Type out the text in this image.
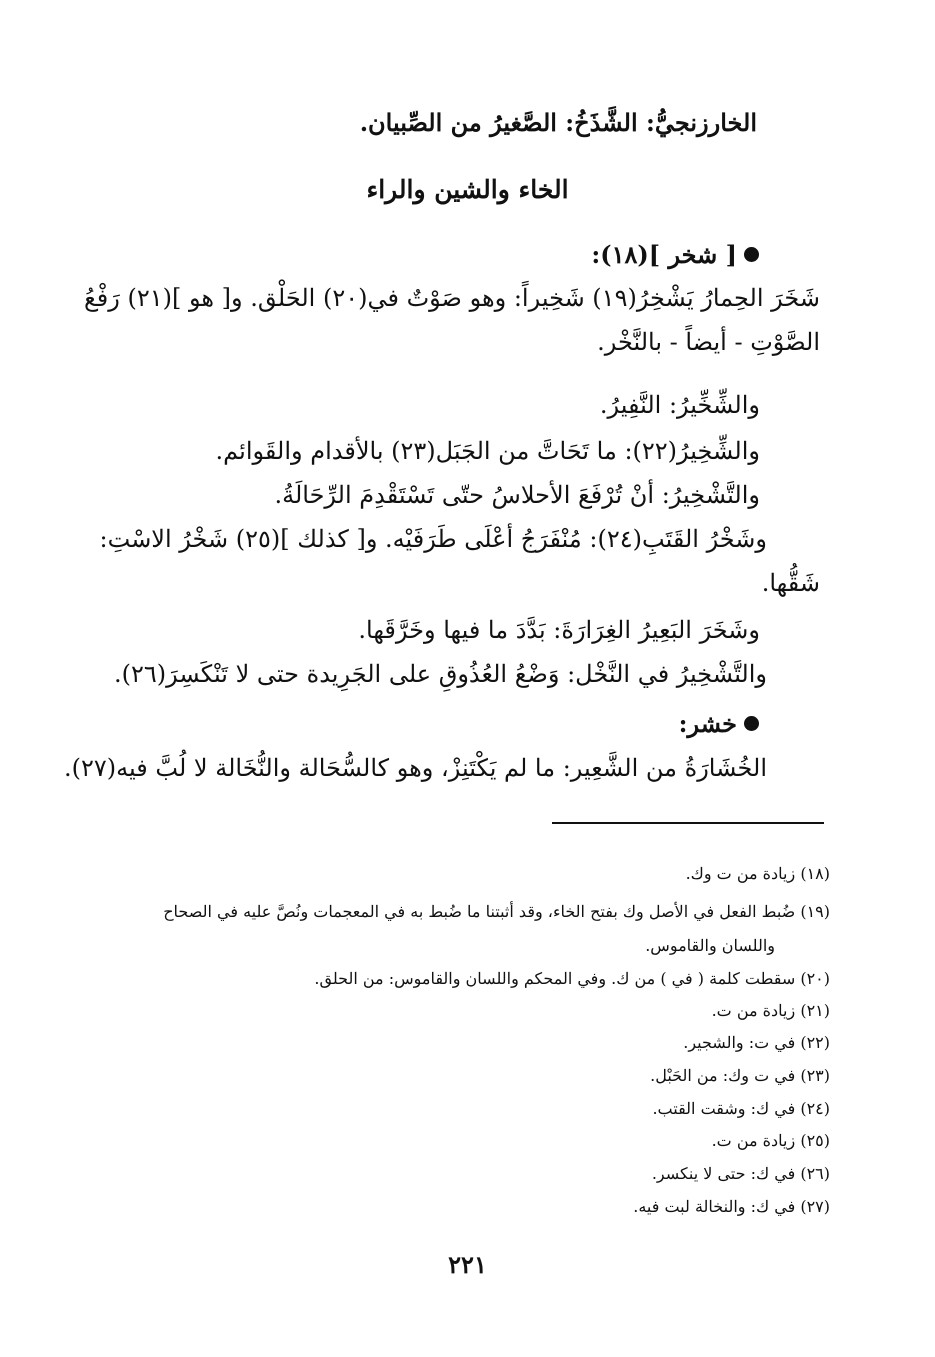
الخارزنجيُّ: الشَّذَخُ: الصَّغيرُ من الصِّبيان.
الخاء والشين والراء
[ شخر ](١٨):
شَخَرَ الحِمارُ يَشْخِرُ(١٩) شَخِيراً: وهو صَوْتٌ في(٢٠) الحَلْق. و[ هو ](٢١) رَفْعُ
الصَّوْتِ - أيضاً - بالنَّخْر.
والشِّخِّيرُ: النَّفِيرُ.
والشِّخِيرُ(٢٢): ما تَحَاتَّ من الجَبَل(٢٣) بالأقدام والقَوائم.
والتَّشْخِيرُ: أنْ تُرْفَعَ الأحلاسُ حتّى تَسْتَقْدِمَ الرِّحَالَةُ.
وشَخْرُ القَتَبِ(٢٤): مُنْفَرَجُ أعْلَى طَرَفَيْه. و[ كذلك ](٢٥) شَخْرُ الاسْتِ:
شَقُّها.
وشَخَرَ البَعِيرُ الغِرَارَةَ: بَدَّدَ ما فيها وخَرَّقَها.
والتَّشْخِيرُ في النَّخْل: وَضْعُ العُذُوقِ على الجَرِيدة حتى لا تَنْكَسِرَ(٢٦).
خشر:
الخُشَارَةُ من الشَّعِير: ما لم يَكْتَنِزْ، وهو كالسُّحَالة والنُّخَالة لا لُبَّ فيه(٢٧).
(١٨) زيادة من ت وك.
(١٩) ضُبط الفعل في الأصل وك بفتح الخاء، وقد أثبتنا ما ضُبط به في المعجمات ونُصَّ عليه في الصحاح
واللسان والقاموس.
(٢٠) سقطت كلمة ( في ) من ك. وفي المحكم واللسان والقاموس: من الحلق.
(٢١) زيادة من ت.
(٢٢) في ت: والشجير.
(٢٣) في ت وك: من الحَبْل.
(٢٤) في ك: وشقت القتب.
(٢٥) زيادة من ت.
(٢٦) في ك: حتى لا ينكسر.
(٢٧) في ك: والنخالة لبت فيه.
٢٢١
